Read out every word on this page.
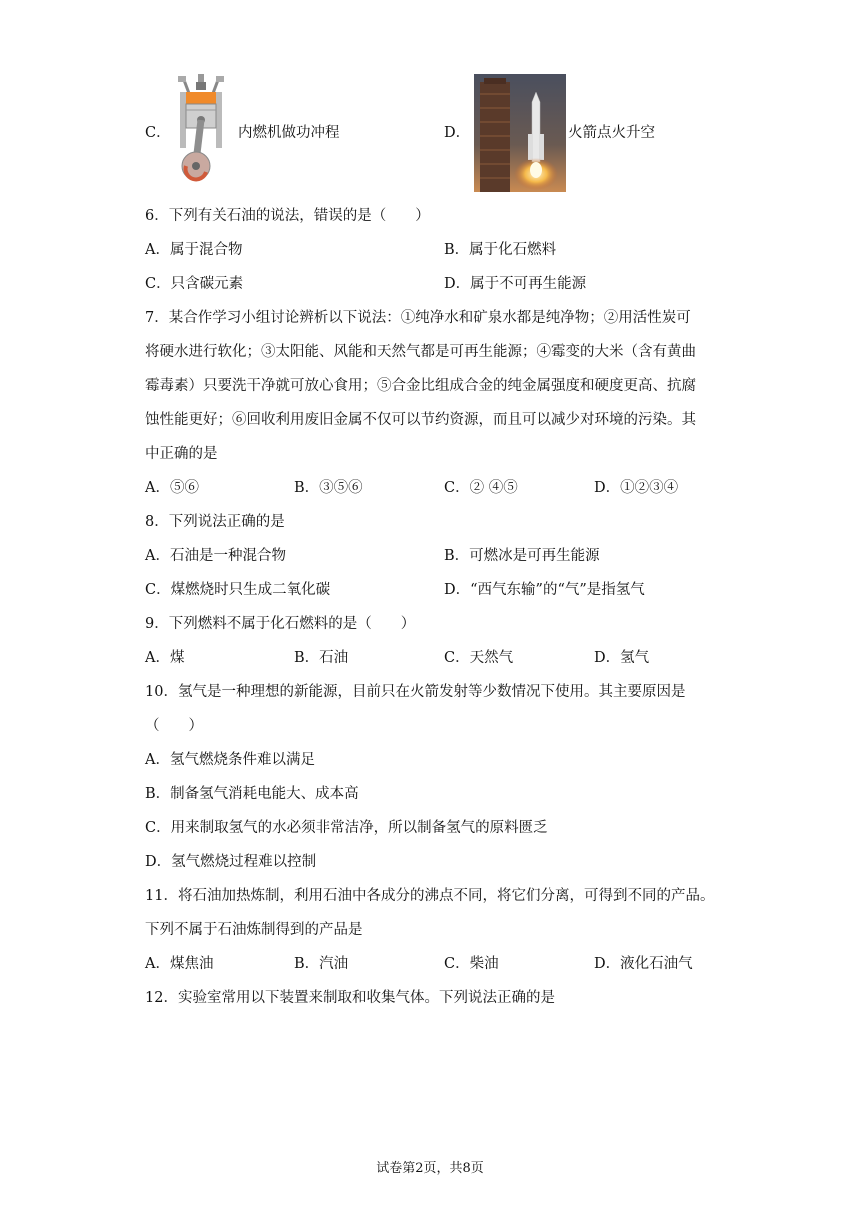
C．	内燃机做功冲程	D．	火箭点火升空
6．下列有关石油的说法，错误的是（　　）
A．属于混合物	B．属于化石燃料
C．只含碳元素	D．属于不可再生能源
7．某合作学习小组讨论辨析以下说法：①纯净水和矿泉水都是纯净物；②用活性炭可
将硬水进行软化；③太阳能、风能和天然气都是可再生能源；④霉变的大米（含有黄曲
霉毒素）只要洗干净就可放心食用；⑤合金比组成合金的纯金属强度和硬度更高、抗腐
蚀性能更好；⑥回收利用废旧金属不仅可以节约资源，而且可以减少对环境的污染。其
中正确的是
A．⑤⑥	B．③⑤⑥	C．② ④⑤	D．①②③④
8．下列说法正确的是
A．石油是一种混合物	B．可燃冰是可再生能源
C．煤燃烧时只生成二氧化碳	D．“西气东输”的“气”是指氢气
9．下列燃料不属于化石燃料的是（　　）
A．煤	B．石油	C．天然气	D．氢气
10．氢气是一种理想的新能源，目前只在火箭发射等少数情况下使用。其主要原因是
（　　）
A．氢气燃烧条件难以满足
B．制备氢气消耗电能大、成本高
C．用来制取氢气的水必须非常洁净，所以制备氢气的原料匮乏
D．氢气燃烧过程难以控制
11．将石油加热炼制，利用石油中各成分的沸点不同，将它们分离，可得到不同的产品。
下列不属于石油炼制得到的产品是
A．煤焦油	B．汽油	C．柴油	D．液化石油气
12．实验室常用以下装置来制取和收集气体。下列说法正确的是
试卷第2页，共8页
